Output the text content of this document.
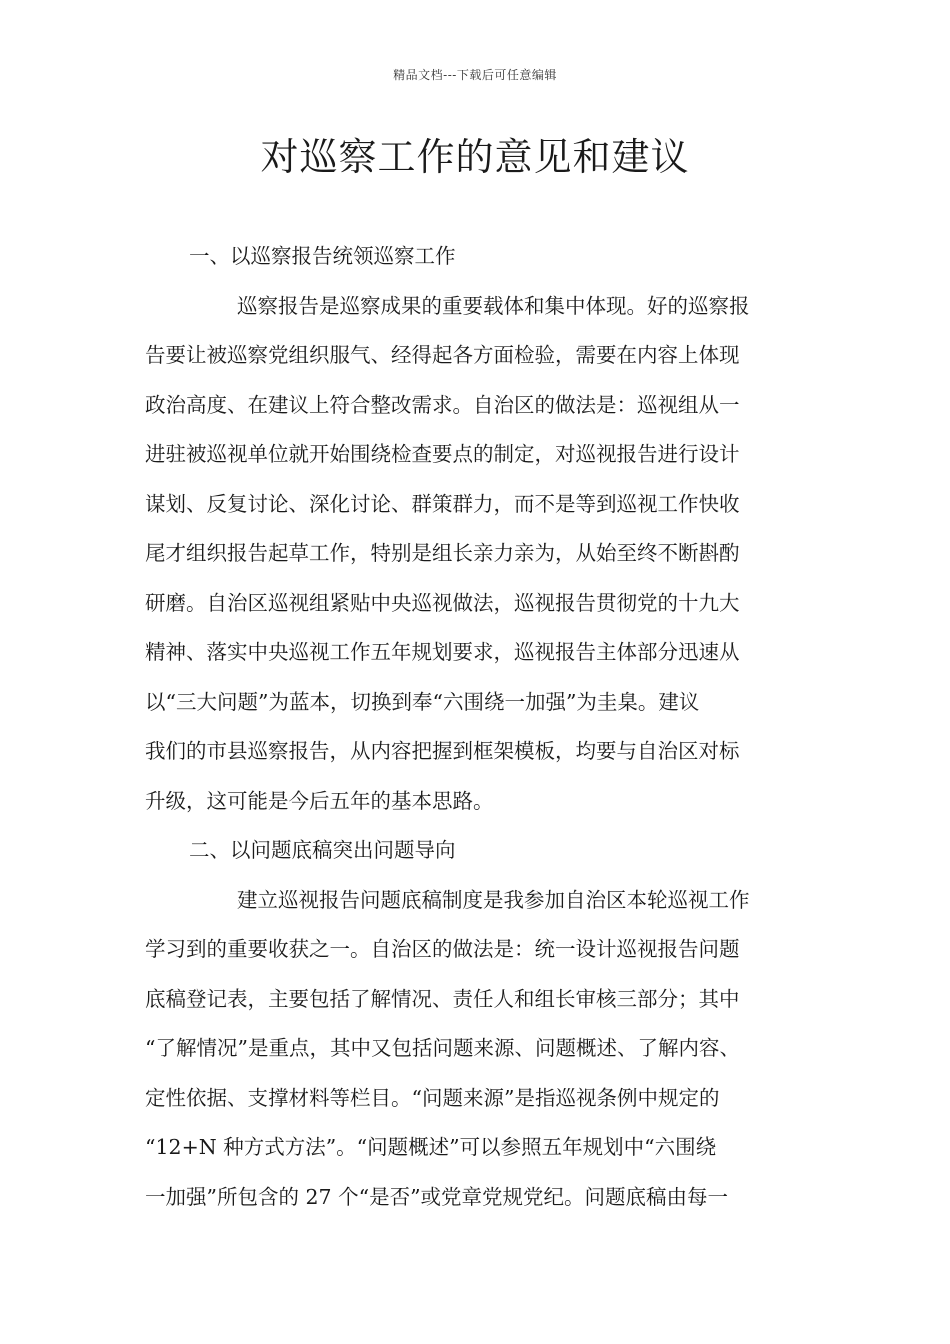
精品文档---下载后可任意编辑
对巡察工作的意见和建议
一、以巡察报告统领巡察工作
巡察报告是巡察成果的重要载体和集中体现。好的巡察报
告要让被巡察党组织服气、经得起各方面检验，需要在内容上体现
政治高度、在建议上符合整改需求。自治区的做法是：巡视组从一
进驻被巡视单位就开始围绕检查要点的制定，对巡视报告进行设计
谋划、反复讨论、深化讨论、群策群力，而不是等到巡视工作快收
尾才组织报告起草工作，特别是组长亲力亲为，从始至终不断斟酌
研磨。自治区巡视组紧贴中央巡视做法，巡视报告贯彻党的十九大
精神、落实中央巡视工作五年规划要求，巡视报告主体部分迅速从
以“三大问题”为蓝本，切换到奉“六围绕一加强”为圭臬。建议
我们的市县巡察报告，从内容把握到框架模板，均要与自治区对标
升级，这可能是今后五年的基本思路。
二、以问题底稿突出问题导向
建立巡视报告问题底稿制度是我参加自治区本轮巡视工作
学习到的重要收获之一。自治区的做法是：统一设计巡视报告问题
底稿登记表，主要包括了解情况、责任人和组长审核三部分；其中
“了解情况”是重点，其中又包括问题来源、问题概述、了解内容、
定性依据、支撑材料等栏目。“问题来源”是指巡视条例中规定的
“12+N 种方式方法”。“问题概述”可以参照五年规划中“六围绕
一加强”所包含的 27 个“是否”或党章党规党纪。问题底稿由每一
